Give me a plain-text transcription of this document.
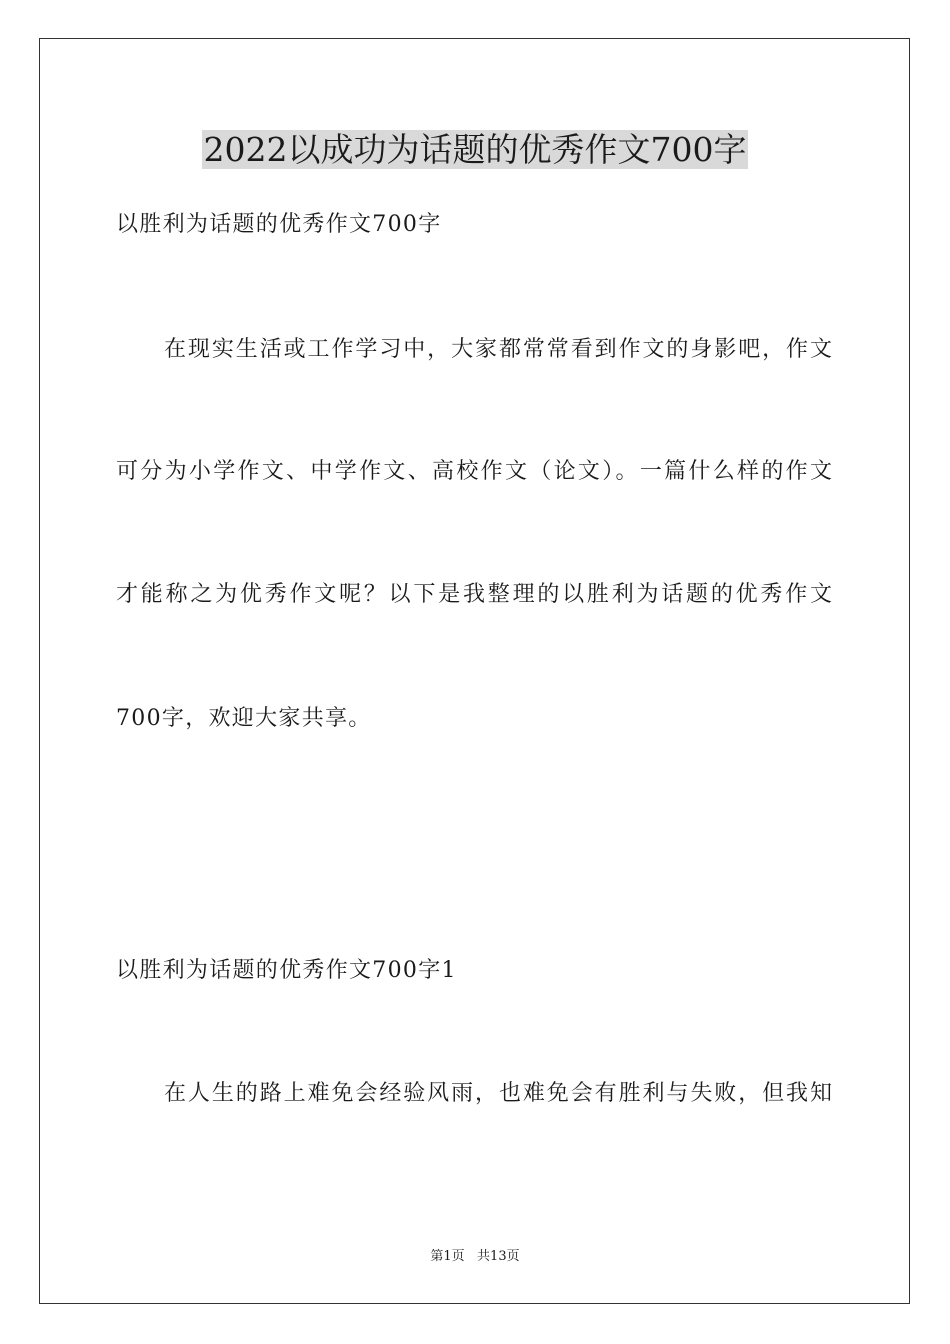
2022以成功为话题的优秀作文700字
以胜利为话题的优秀作文700字
在现实生活或工作学习中，大家都常常看到作文的身影吧，作文
可分为小学作文、中学作文、高校作文（论文）。一篇什么样的作文
才能称之为优秀作文呢？以下是我整理的以胜利为话题的优秀作文
700字，欢迎大家共享。
以胜利为话题的优秀作文700字1
在人生的路上难免会经验风雨，也难免会有胜利与失败，但我知
第1页   共13页
